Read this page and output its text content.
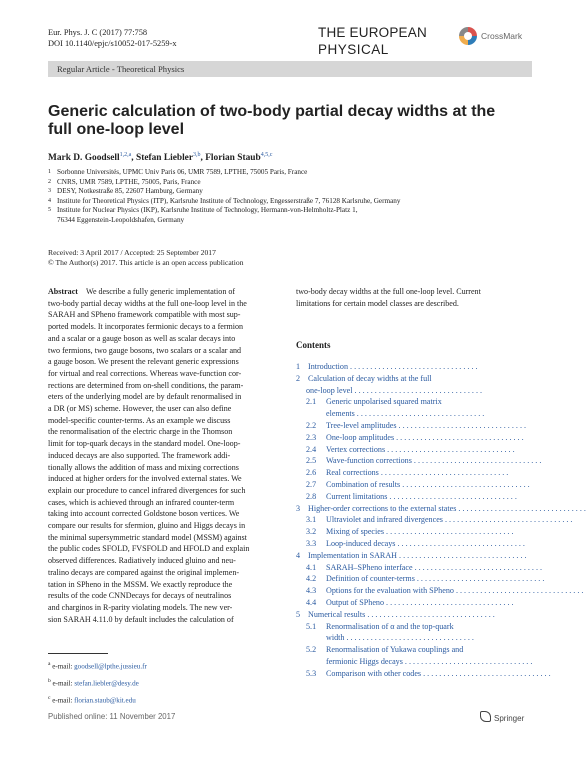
Eur. Phys. J. C (2017) 77:758
DOI 10.1140/epjc/s10052-017-5259-x
THE EUROPEAN
PHYSICAL
CrossMark
Regular Article - Theoretical Physics
Generic calculation of two-body partial decay widths at the full one-loop level
Mark D. Goodsell$^{1,2,a}$, Stefan Liebler$^{3,b}$, Florian Staub$^{4,5,c}$
1 Sorbonne Universités, UPMC Univ Paris 06, UMR 7589, LPTHE, 75005 Paris, France
2 CNRS, UMR 7589, LPTHE, 75005, Paris, France
3 DESY, Notkestraße 85, 22607 Hamburg, Germany
4 Institute for Theoretical Physics (ITP), Karlsruhe Institute of Technology, Engesserstraße 7, 76128 Karlsruhe, Germany
5 Institute for Nuclear Physics (IKP), Karlsruhe Institute of Technology, Hermann-von-Helmholtz-Platz 1,
76344 Eggenstein-Leopoldshafen, Germany
Received: 3 April 2017 / Accepted: 25 September 2017
© The Author(s) 2017. This article is an open access publication
Abstract We describe a fully generic implementation of
two-body partial decay widths at the full one-loop level in the
SARAH and SPheno framework compatible with most sup-
ported models. It incorporates fermionic decays to a fermion
and a scalar or a gauge boson as well as scalar decays into
two fermions, two gauge bosons, two scalars or a scalar and
a gauge boson. We present the relevant generic expressions
for virtual and real corrections. Whereas wave-function cor-
rections are determined from on-shell conditions, the param-
eters of the underlying model are by default renormalised in
a DR (or MS) scheme. However, the user can also define
model-specific counter-terms. As an example we discuss
the renormalisation of the electric charge in the Thomson
limit for top-quark decays in the standard model. One-loop-
induced decays are also supported. The framework addi-
tionally allows the addition of mass and mixing corrections
induced at higher orders for the involved external states. We
explain our procedure to cancel infrared divergences for such
cases, which is achieved through an infrared counter-term
taking into account corrected Goldstone boson vertices. We
compare our results for sfermion, gluino and Higgs decays in
the minimal supersymmetric standard model (MSSM) against
the public codes SFOLD, FVSFOLD and HFOLD and explain
observed differences. Radiatively induced gluino and neu-
tralino decays are compared against the original implemen-
tation in SPheno in the MSSM. We exactly reproduce the
results of the code CNNDecays for decays of neutralinos
and charginos in R-parity violating models. The new ver-
sion SARAH 4.11.0 by default includes the calculation of
two-body decay widths at the full one-loop level. Current
limitations for certain model classes are described.
Contents
1 Introduction . . . . . . . . . . . . . . . . . . . . . . . . . . . . . . . .
2 Calculation of decay widths at the full
one-loop level . . . . . . . . . . . . . . . . . . . . . . . . . . . . . . . .
2.1 Generic unpolarised squared matrix
elements . . . . . . . . . . . . . . . . . . . . . . . . . . . . . . . .
2.2 Tree-level amplitudes . . . . . . . . . . . . . . . . . . . . . . . . . . . . . . . .
2.3 One-loop amplitudes . . . . . . . . . . . . . . . . . . . . . . . . . . . . . . . .
2.4 Vertex corrections . . . . . . . . . . . . . . . . . . . . . . . . . . . . . . . .
2.5 Wave-function corrections . . . . . . . . . . . . . . . . . . . . . . . . . . . . . . . .
2.6 Real corrections . . . . . . . . . . . . . . . . . . . . . . . . . . . . . . . .
2.7 Combination of results . . . . . . . . . . . . . . . . . . . . . . . . . . . . . . . .
2.8 Current limitations . . . . . . . . . . . . . . . . . . . . . . . . . . . . . . . .
3 Higher-order corrections to the external states . . . . . . . . . . . . . . . . . . . . . . . . . . . . . . . .
3.1 Ultraviolet and infrared divergences . . . . . . . . . . . . . . . . . . . . . . . . . . . . . . . .
3.2 Mixing of species . . . . . . . . . . . . . . . . . . . . . . . . . . . . . . . .
3.3 Loop-induced decays . . . . . . . . . . . . . . . . . . . . . . . . . . . . . . . .
4 Implementation in SARAH . . . . . . . . . . . . . . . . . . . . . . . . . . . . . . . .
4.1 SARAH–SPheno interface . . . . . . . . . . . . . . . . . . . . . . . . . . . . . . . .
4.2 Definition of counter-terms . . . . . . . . . . . . . . . . . . . . . . . . . . . . . . . .
4.3 Options for the evaluation with SPheno . . . . . . . . . . . . . . . . . . . . . . . . . . . . . . . .
4.4 Output of SPheno . . . . . . . . . . . . . . . . . . . . . . . . . . . . . . . .
5 Numerical results . . . . . . . . . . . . . . . . . . . . . . . . . . . . . . . .
5.1 Renormalisation of α and the top-quark
width . . . . . . . . . . . . . . . . . . . . . . . . . . . . . . . .
5.2 Renormalisation of Yukawa couplings and
fermionic Higgs decays . . . . . . . . . . . . . . . . . . . . . . . . . . . . . . . .
5.3 Comparison with other codes . . . . . . . . . . . . . . . . . . . . . . . . . . . . . . . .
$^a$ e-mail: goodsell@lpthe.jussieu.fr
$^b$ e-mail: stefan.liebler@desy.de
$^c$ e-mail: florian.staub@kit.edu
Published online: 11 November 2017	Springer
